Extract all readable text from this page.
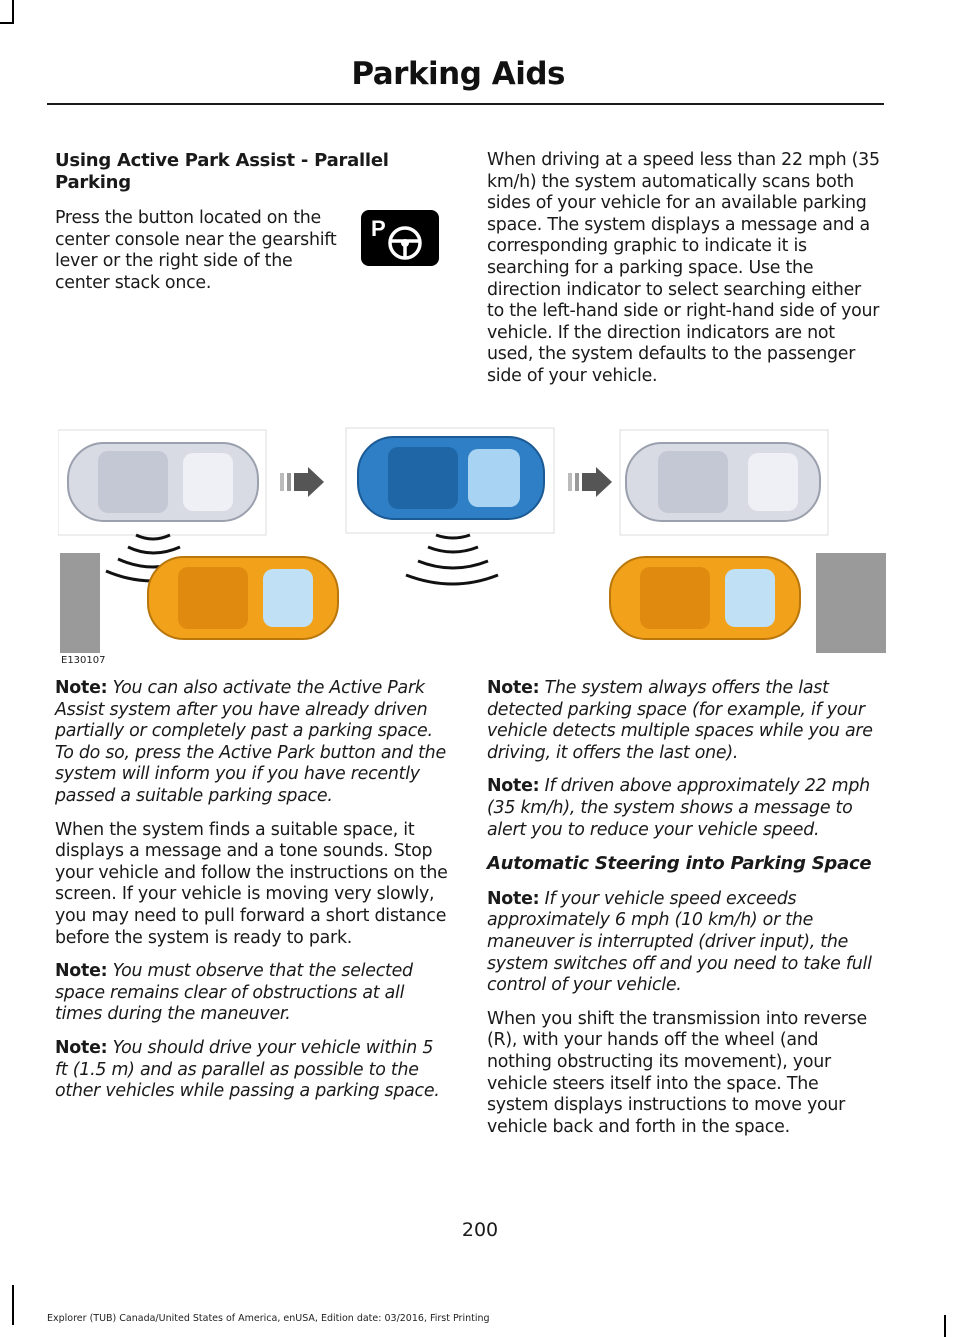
Parking Aids
Using Active Park Assist - Parallel Parking
P

Press the button located on the center console near the gearshift lever or the right side of the center stack once.

When driving at a speed less than 22 mph (35 km/h) the system automatically scans both sides of your vehicle for an available parking space. The system displays a message and a corresponding graphic to indicate it is searching for a parking space. Use the direction indicator to select searching either to the left-hand side or right-hand side of your vehicle. If the direction indicators are not used, the system defaults to the passenger side of your vehicle.

E130107

Note: You can also activate the Active Park Assist system after you have already driven partially or completely past a parking space. To do so, press the Active Park button and the system will inform you if you have recently passed a suitable parking space.

When the system finds a suitable space, it displays a message and a tone sounds. Stop your vehicle and follow the instructions on the screen. If your vehicle is moving very slowly, you may need to pull forward a short distance before the system is ready to park.

Note: You must observe that the selected space remains clear of obstructions at all times during the maneuver.

Note: You should drive your vehicle within 5 ft (1.5 m) and as parallel as possible to the other vehicles while passing a parking space.

Note: The system always offers the last detected parking space (for example, if your vehicle detects multiple spaces while you are driving, it offers the last one).

Note: If driven above approximately 22 mph (35 km/h), the system shows a message to alert you to reduce your vehicle speed.

Automatic Steering into Parking Space

Note: If your vehicle speed exceeds approximately 6 mph (10 km/h) or the maneuver is interrupted (driver input), the system switches off and you need to take full control of your vehicle.

When you shift the transmission into reverse (R), with your hands off the wheel (and nothing obstructing its movement), your vehicle steers itself into the space. The system displays instructions to move your vehicle back and forth in the space.

200
Explorer (TUB) Canada/United States of America, enUSA, Edition date: 03/2016, First Printing
